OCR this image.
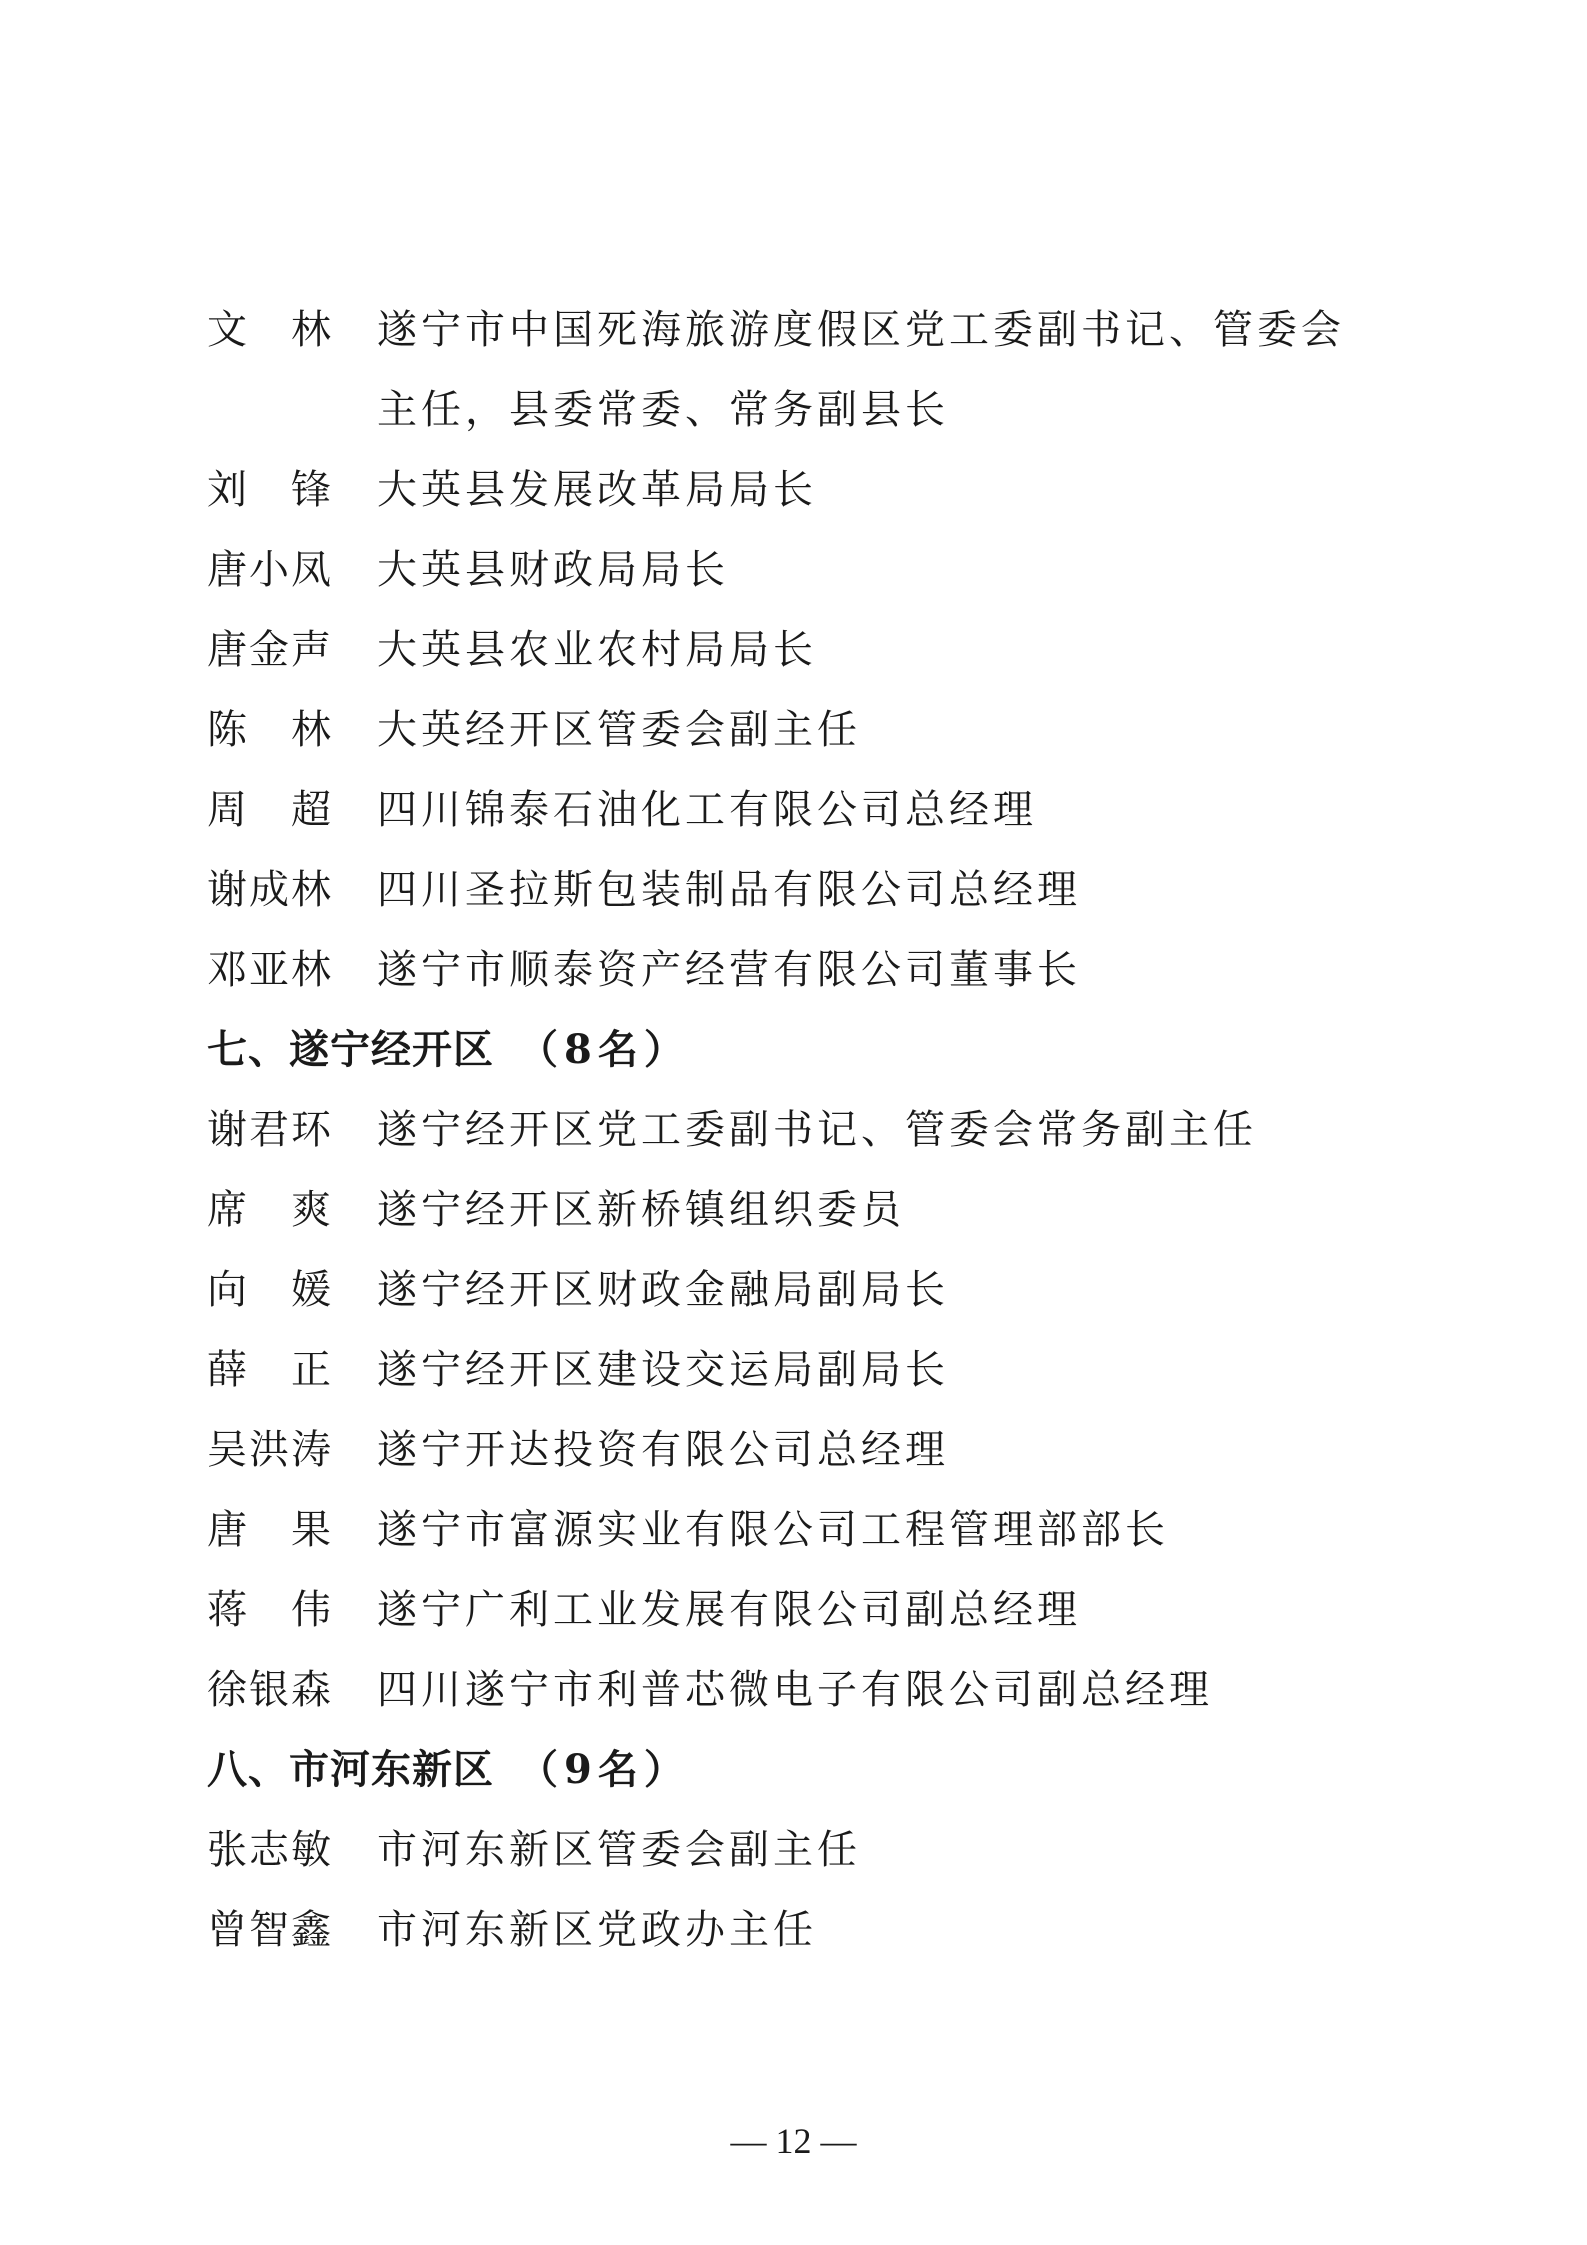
文　林	遂宁市中国死海旅游度假区党工委副书记、管委会主任，县委常委、常务副县长
刘　锋	大英县发展改革局局长
唐小凤	大英县财政局局长
唐金声	大英县农业农村局局长
陈　林	大英经开区管委会副主任
周　超	四川锦泰石油化工有限公司总经理
谢成林	四川圣拉斯包装制品有限公司总经理
邓亚林	遂宁市顺泰资产经营有限公司董事长
七、遂宁经开区 （8名）
谢君环	遂宁经开区党工委副书记、管委会常务副主任
席　爽	遂宁经开区新桥镇组织委员
向　媛	遂宁经开区财政金融局副局长
薛　正	遂宁经开区建设交运局副局长
吴洪涛	遂宁开达投资有限公司总经理
唐　果	遂宁市富源实业有限公司工程管理部部长
蒋　伟	遂宁广利工业发展有限公司副总经理
徐银森	四川遂宁市利普芯微电子有限公司副总经理
八、市河东新区 （9名）
张志敏	市河东新区管委会副主任
曾智鑫	市河东新区党政办主任
— 12 —
